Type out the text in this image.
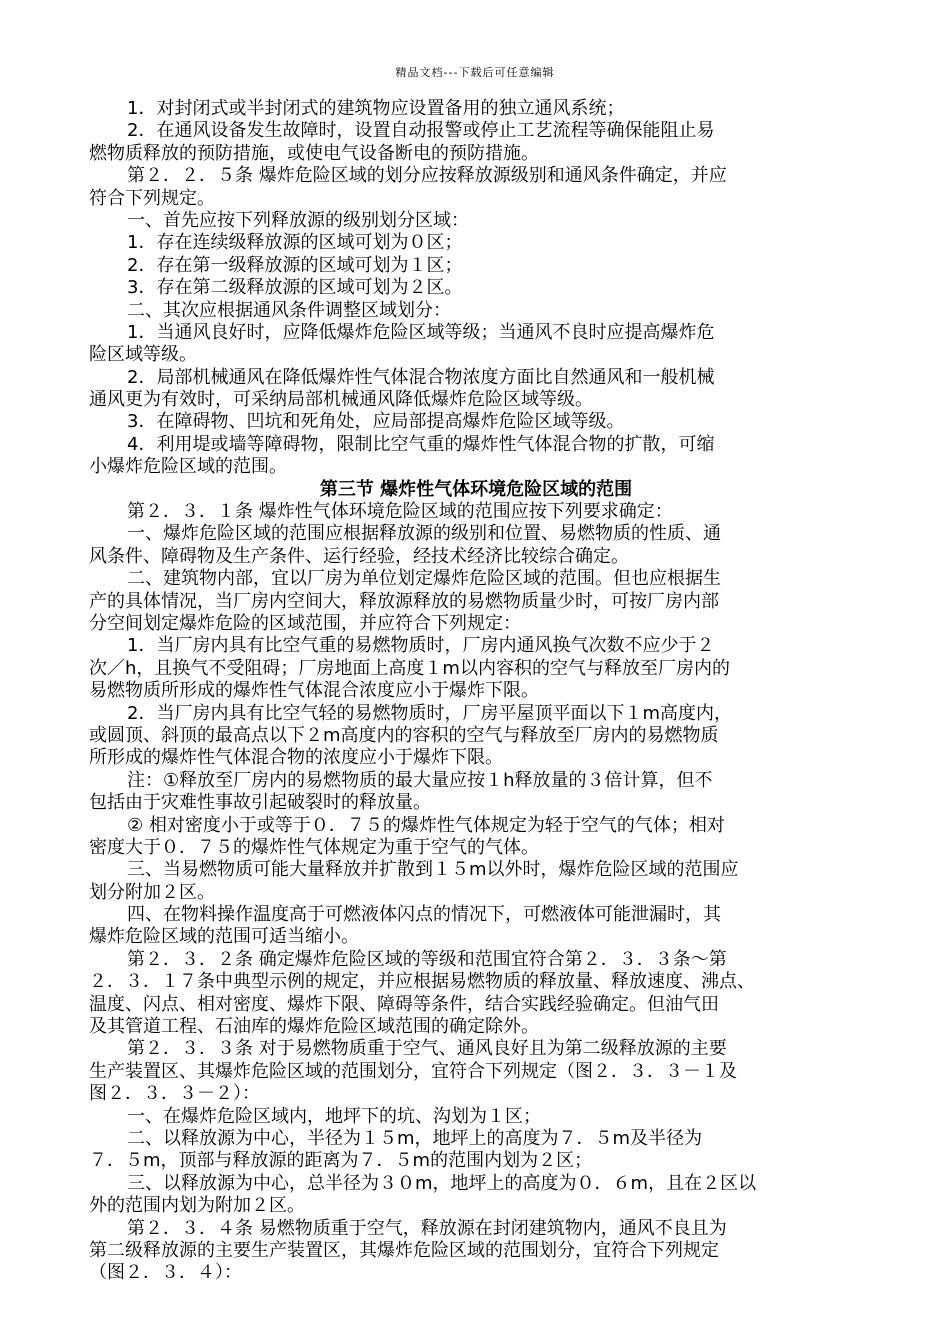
精品文档---下载后可任意编辑
1．对封闭式或半封闭式的建筑物应设置备用的独立通风系统；
2．在通风设备发生故障时，设置自动报警或停止工艺流程等确保能阻止易
燃物质释放的预防措施，或使电气设备断电的预防措施。
第２．２．５条 爆炸危险区域的划分应按释放源级别和通风条件确定，并应
符合下列规定。
一、首先应按下列释放源的级别划分区域：
1．存在连续级释放源的区域可划为０区；
2．存在第一级释放源的区域可划为１区；
3．存在第二级释放源的区域可划为２区。
二、其次应根据通风条件调整区域划分：
1．当通风良好时，应降低爆炸危险区域等级；当通风不良时应提高爆炸危
险区域等级。
2．局部机械通风在降低爆炸性气体混合物浓度方面比自然通风和一般机械
通风更为有效时，可采纳局部机械通风降低爆炸危险区域等级。
3．在障碍物、凹坑和死角处，应局部提高爆炸危险区域等级。
4．利用堤或墙等障碍物，限制比空气重的爆炸性气体混合物的扩散，可缩
小爆炸危险区域的范围。
第三节 爆炸性气体环境危险区域的范围
第２．３．１条 爆炸性气体环境危险区域的范围应按下列要求确定：
一、爆炸危险区域的范围应根据释放源的级别和位置、易燃物质的性质、通
风条件、障碍物及生产条件、运行经验，经技术经济比较综合确定。
二、建筑物内部，宜以厂房为单位划定爆炸危险区域的范围。但也应根据生
产的具体情况，当厂房内空间大，释放源释放的易燃物质量少时，可按厂房内部
分空间划定爆炸危险的区域范围，并应符合下列规定：
1．当厂房内具有比空气重的易燃物质时，厂房内通风换气次数不应少于２
次／h，且换气不受阻碍；厂房地面上高度１m以内容积的空气与释放至厂房内的
易燃物质所形成的爆炸性气体混合浓度应小于爆炸下限。
2．当厂房内具有比空气轻的易燃物质时，厂房平屋顶平面以下１m高度内，
或圆顶、斜顶的最高点以下２m高度内的容积的空气与释放至厂房内的易燃物质
所形成的爆炸性气体混合物的浓度应小于爆炸下限。
注：①释放至厂房内的易燃物质的最大量应按１h释放量的３倍计算，但不
包括由于灾难性事故引起破裂时的释放量。
② 相对密度小于或等于０．７５的爆炸性气体规定为轻于空气的气体；相对
密度大于０．７５的爆炸性气体规定为重于空气的气体。
三、当易燃物质可能大量释放并扩散到１５m以外时，爆炸危险区域的范围应
划分附加２区。
四、在物料操作温度高于可燃液体闪点的情况下，可燃液体可能泄漏时，其
爆炸危险区域的范围可适当缩小。
第２．３．２条 确定爆炸危险区域的等级和范围宜符合第２．３．３条～第
２．３．１７条中典型示例的规定，并应根据易燃物质的释放量、释放速度、沸点、
温度、闪点、相对密度、爆炸下限、障碍等条件，结合实践经验确定。但油气田
及其管道工程、石油库的爆炸危险区域范围的确定除外。
第２．３．３条 对于易燃物质重于空气、通风良好且为第二级释放源的主要
生产装置区、其爆炸危险区域的范围划分，宜符合下列规定（图２．３．３－１及
图２．３．３－２）：
一、在爆炸危险区域内，地坪下的坑、沟划为１区；
二、以释放源为中心，半径为１５m，地坪上的高度为７．５m及半径为
７．５m，顶部与释放源的距离为７．５m的范围内划为２区；
三、以释放源为中心，总半径为３０m，地坪上的高度为０．６m，且在２区以
外的范围内划为附加２区。
第２．３．４条 易燃物质重于空气，释放源在封闭建筑物内，通风不良且为
第二级释放源的主要生产装置区，其爆炸危险区域的范围划分，宜符合下列规定
（图２．３．４）：
